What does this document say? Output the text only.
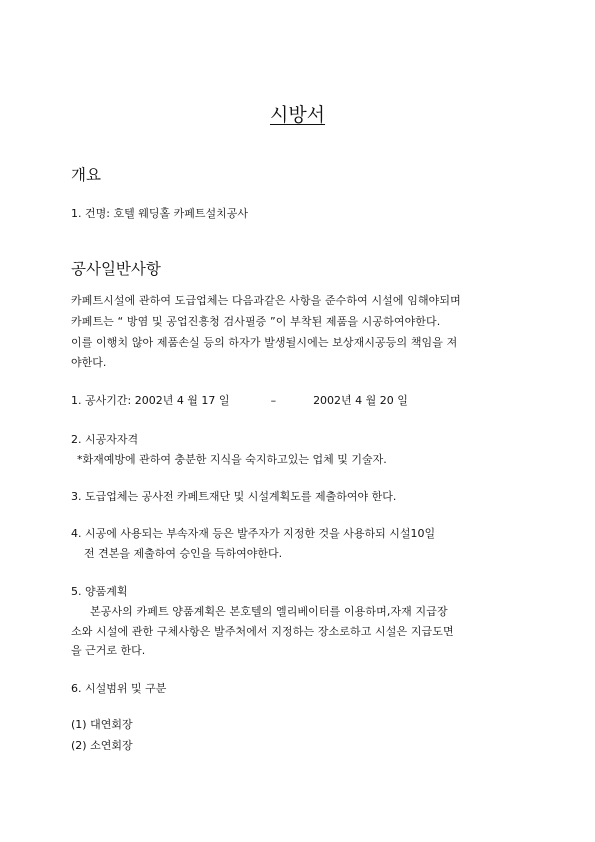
시방서
개요
1. 건명: 호텔 웨딩홀 카페트설치공사
공사일반사항
카페트시설에 관하여 도급업체는 다음과같은 사항을 준수하여 시설에 임해야되며
카페트는 “ 방염 및 공업진흥청 검사필증 ”이 부착된 제품을 시공하여야한다.
이를 이행치 않아 제품손실 등의 하자가 발생될시에는 보상재시공등의 책임을 져
야한다.
1. 공사기간: 2002년 4 월 17 일	–	2002년 4 월 20 일
2. 시공자자격
*화재예방에 관하여 충분한 지식을 숙지하고있는 업체 및 기술자.
3. 도급업체는 공사전 카페트재단 및 시설계획도를 제출하여야 한다.
4. 시공에 사용되는 부속자재 등은 발주자가 지정한 것을 사용하되 시설10일
전 견본을 제출하여 승인을 득하여야한다.
5. 양품계획
본공사의 카페트 양품계획은 본호텔의 엘리베이터를 이용하며,자재 지급장
소와 시설에 관한 구체사항은 발주처에서 지정하는 장소로하고 시설은 지급도면
을 근거로 한다.
6. 시설범위 및 구분
(1) 대연회장
(2) 소연회장
